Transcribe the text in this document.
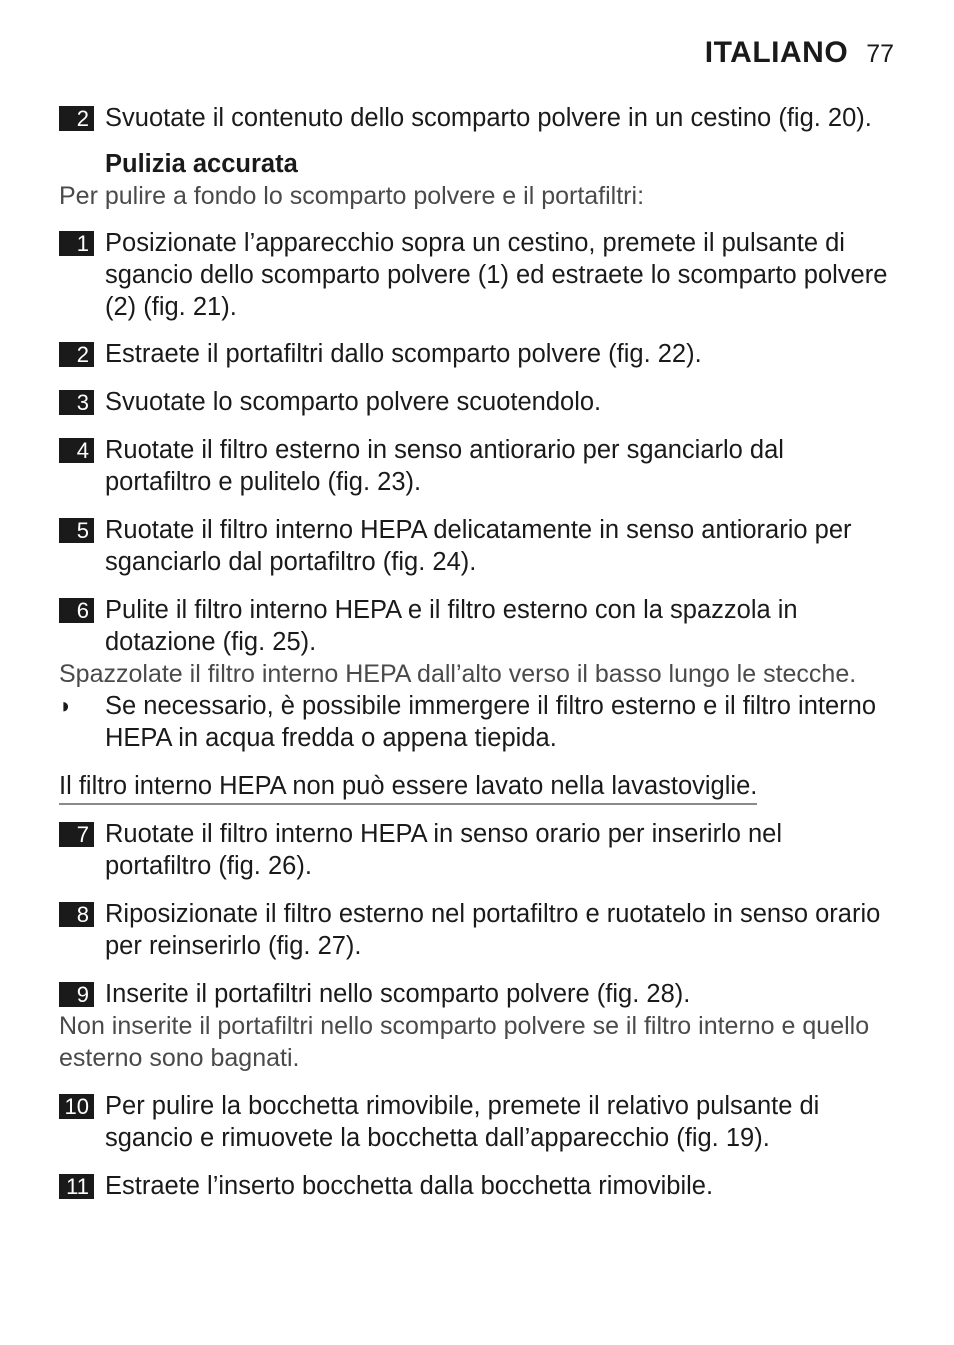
ITALIANO 77
2 Svuotate il contenuto dello scomparto polvere in un cestino (fig. 20).
Pulizia accurata
Per pulire a fondo lo scomparto polvere e il portafiltri:
1 Posizionate l’apparecchio sopra un cestino, premete il pulsante di sgancio dello scomparto polvere (1) ed estraete lo scomparto polvere (2) (fig. 21).
2 Estraete il portafiltri dallo scomparto polvere (fig. 22).
3 Svuotate lo scomparto polvere scuotendolo.
4 Ruotate il filtro esterno in senso antiorario per sganciarlo dal portafiltro e pulitelo (fig. 23).
5 Ruotate il filtro interno HEPA delicatamente in senso antiorario per sganciarlo dal portafiltro (fig. 24).
6 Pulite il filtro interno HEPA e il filtro esterno con la spazzola in dotazione (fig. 25).
Spazzolate il filtro interno HEPA dall’alto verso il basso lungo le stecche.
◗ Se necessario, è possibile immergere il filtro esterno e il filtro interno HEPA in acqua fredda o appena tiepida.
Il filtro interno HEPA non può essere lavato nella lavastoviglie.
7 Ruotate il filtro interno HEPA in senso orario per inserirlo nel portafiltro (fig. 26).
8 Riposizionate il filtro esterno nel portafiltro e ruotatelo in senso orario per reinserirlo (fig. 27).
9 Inserite il portafiltri nello scomparto polvere (fig. 28).
Non inserite il portafiltri nello scomparto polvere se il filtro interno e quello esterno sono bagnati.
10 Per pulire la bocchetta rimovibile, premete il relativo pulsante di sgancio e rimuovete la bocchetta dall’apparecchio (fig. 19).
11 Estraete l’inserto bocchetta dalla bocchetta rimovibile.
